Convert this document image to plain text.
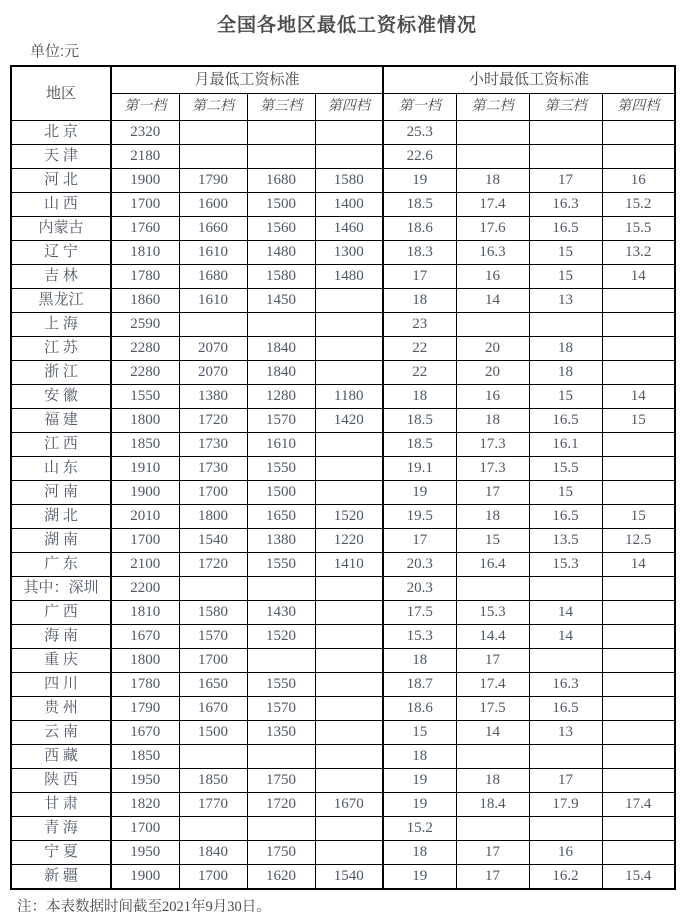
全国各地区最低工资标准情况
单位:元
地区	月最低工资标准				小时最低工资标准			
	第一档	第二档	第三档	第四档	第一档	第二档	第三档	第四档
北 京	2320				25.3			
天 津	2180				22.6			
河 北	1900	1790	1680	1580	19	18	17	16
山 西	1700	1600	1500	1400	18.5	17.4	16.3	15.2
内蒙古	1760	1660	1560	1460	18.6	17.6	16.5	15.5
辽 宁	1810	1610	1480	1300	18.3	16.3	15	13.2
吉 林	1780	1680	1580	1480	17	16	15	14
黑龙江	1860	1610	1450		18	14	13	
上 海	2590				23			
江 苏	2280	2070	1840		22	20	18	
浙 江	2280	2070	1840		22	20	18	
安 徽	1550	1380	1280	1180	18	16	15	14
福 建	1800	1720	1570	1420	18.5	18	16.5	15
江 西	1850	1730	1610		18.5	17.3	16.1	
山 东	1910	1730	1550		19.1	17.3	15.5	
河 南	1900	1700	1500		19	17	15	
湖 北	2010	1800	1650	1520	19.5	18	16.5	15
湖 南	1700	1540	1380	1220	17	15	13.5	12.5
广 东	2100	1720	1550	1410	20.3	16.4	15.3	14
其中：深圳	2200				20.3			
广 西	1810	1580	1430		17.5	15.3	14	
海 南	1670	1570	1520		15.3	14.4	14	
重 庆	1800	1700			18	17		
四 川	1780	1650	1550		18.7	17.4	16.3	
贵 州	1790	1670	1570		18.6	17.5	16.5	
云 南	1670	1500	1350		15	14	13	
西 藏	1850				18			
陕 西	1950	1850	1750		19	18	17	
甘 肃	1820	1770	1720	1670	19	18.4	17.9	17.4
青 海	1700				15.2			
宁 夏	1950	1840	1750		18	17	16	
新 疆	1900	1700	1620	1540	19	17	16.2	15.4
注：本表数据时间截至2021年9月30日。
